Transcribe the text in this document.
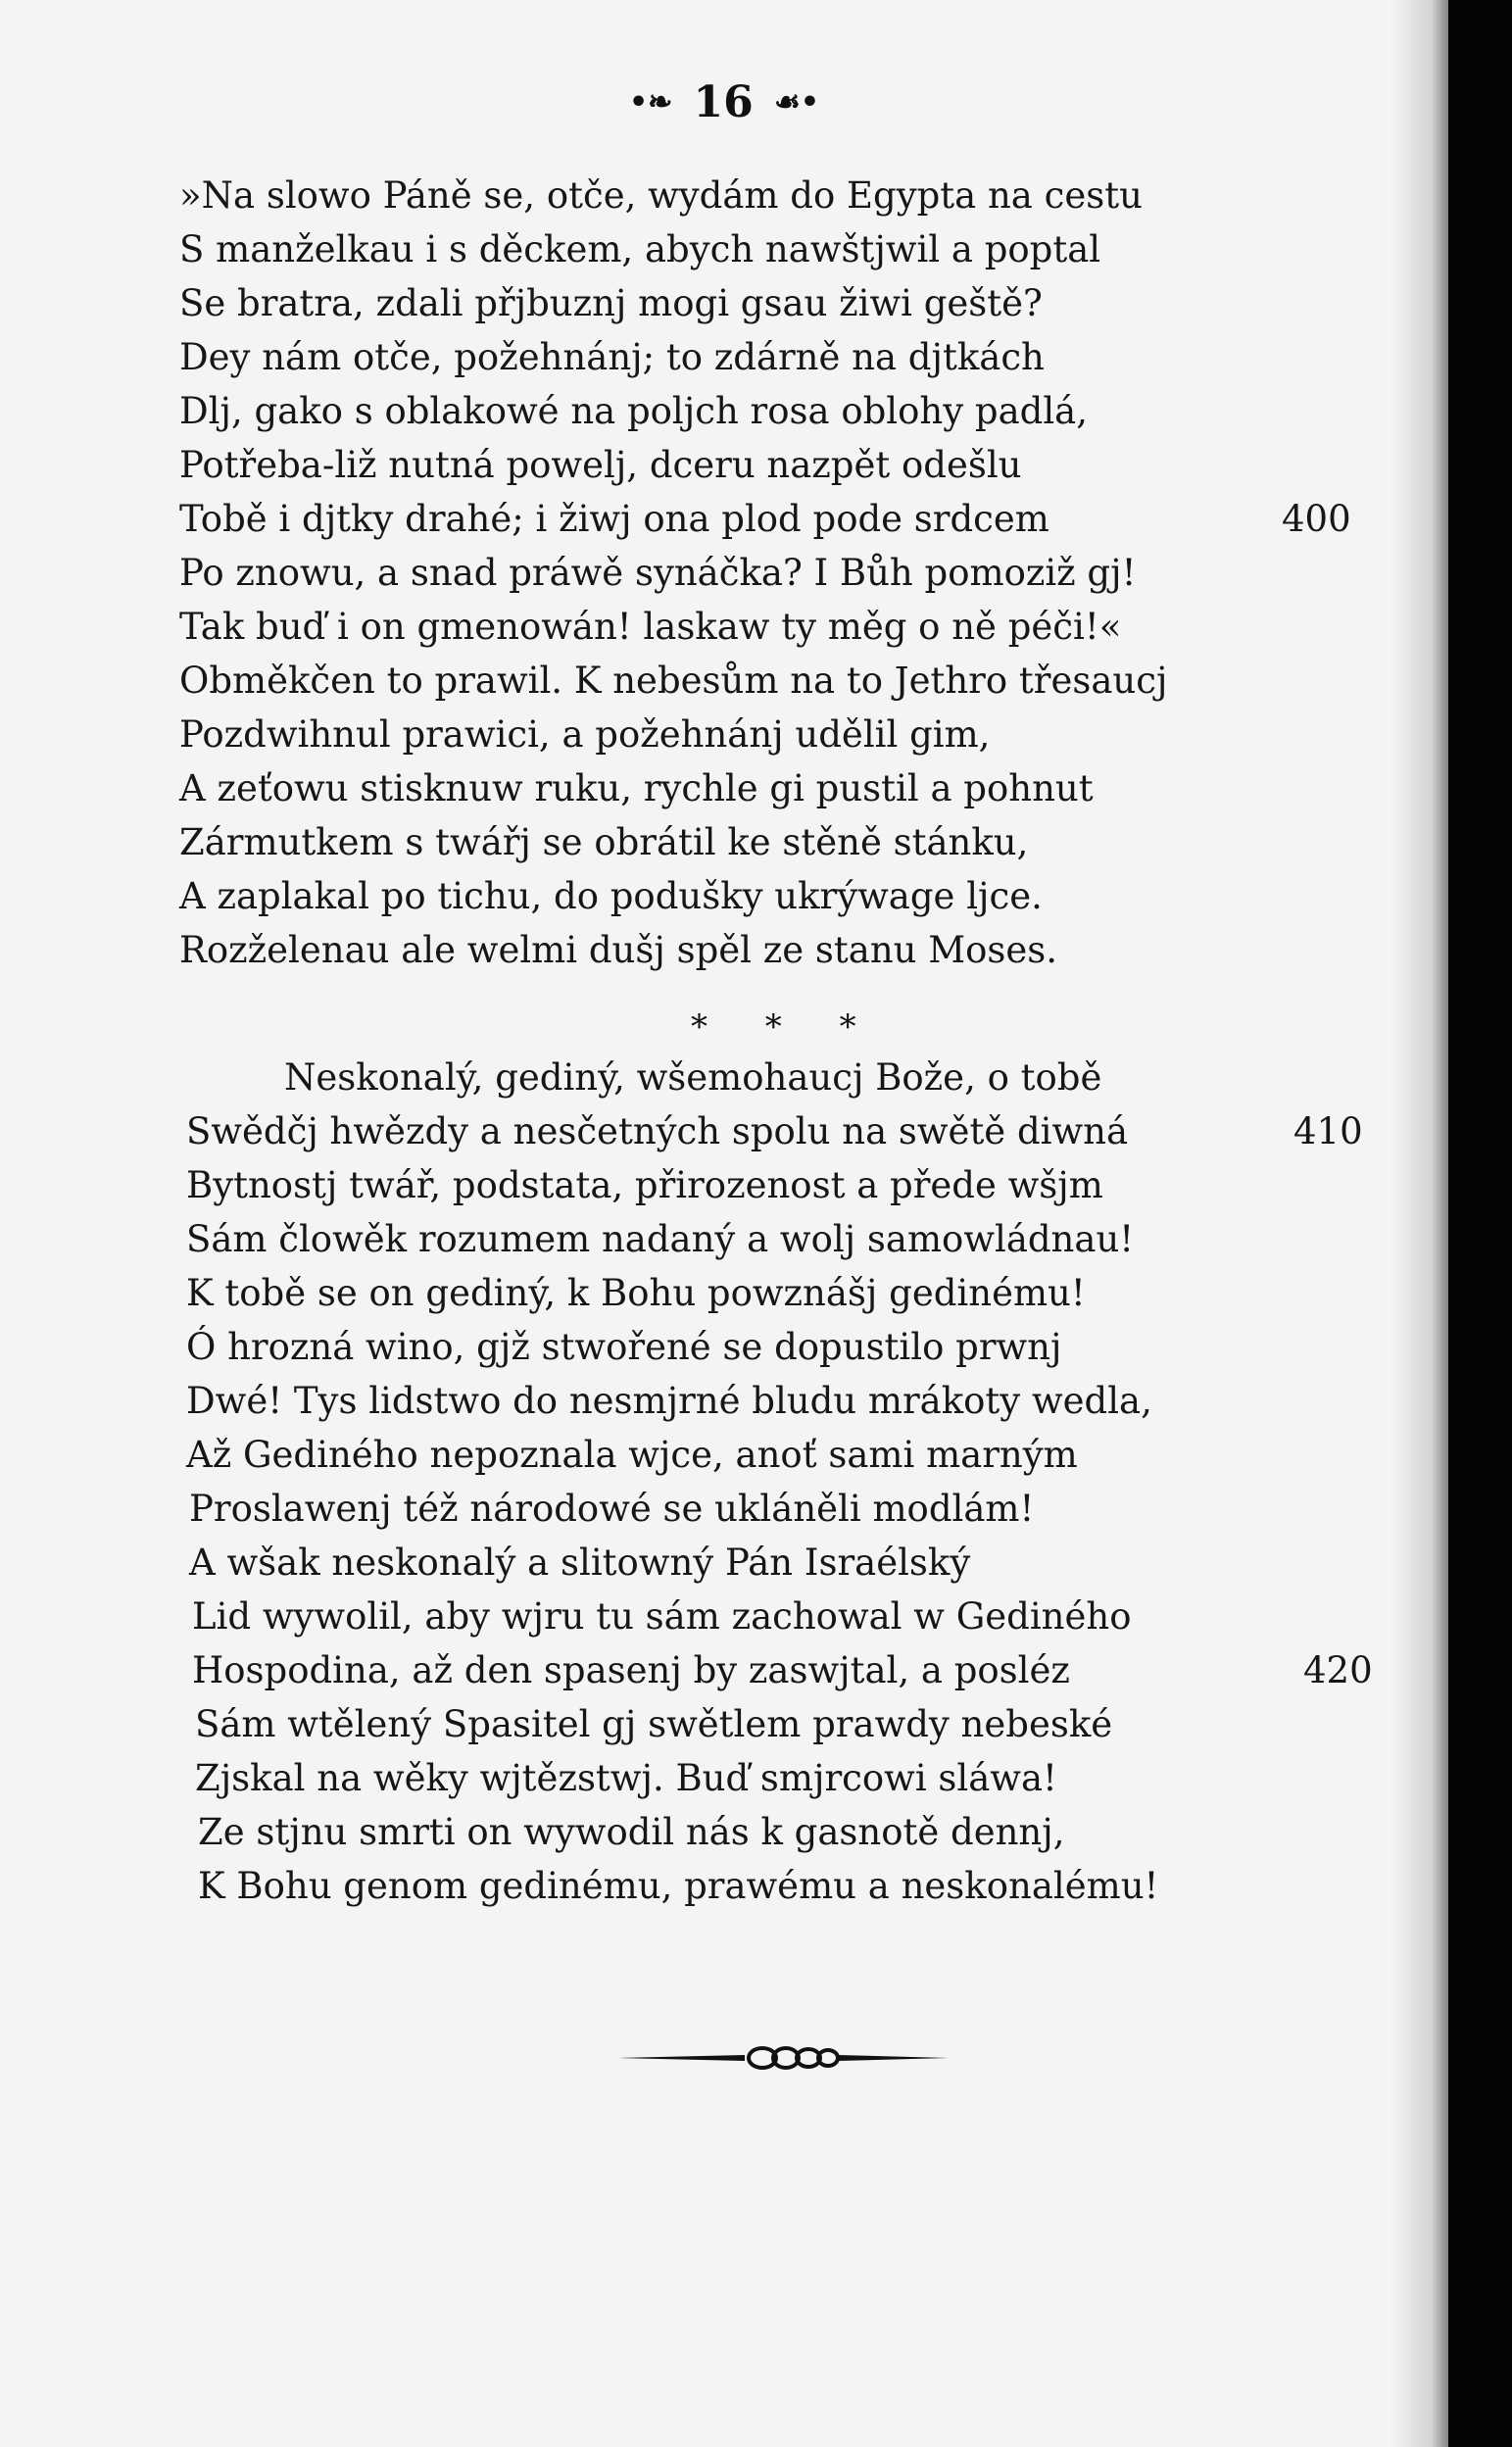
•❧ 16 ☙•
»Na slowo Páně se, otče, wydám do Egypta na cestu
S manželkau i s děckem, abych nawštjwil a poptal
Se bratra, zdali přjbuznj mogi gsau žiwi geště?
Dey nám otče, požehnánj; to zdárně na djtkách
Dlj, gako s oblakowé na poljch rosa oblohy padlá,
Potřeba-liž nutná powelj, dceru nazpět odešlu
Tobě i djtky drahé; i žiwj ona plod pode srdcem
Po znowu, a snad práwě synáčka? I Bůh pomoziž gj!
Tak buď i on gmenowán! laskaw ty měg o ně péči!«
Obměkčen to prawil. K nebesům na to Jethro třesaucj
Pozdwihnul prawici, a požehnánj udělil gim,
A zeťowu stisknuw ruku, rychle gi pustil a pohnut
Zármutkem s twářj se obrátil ke stěně stánku,
A zaplakal po tichu, do podušky ukrýwage ljce.
Rozželenau ale welmi dušj spěl ze stanu Moses.
400
* * *
Neskonalý, gediný, wšemohaucj Bože, o tobě
Swědčj hwězdy a nesčetných spolu na swětě diwná
Bytnostj twář, podstata, přirozenost a přede wšjm
Sám člowěk rozumem nadaný a wolj samowládnau!
K tobě se on gediný, k Bohu powznášj gedinému!
Ó hrozná wino, gjž stwořené se dopustilo prwnj
Dwé! Tys lidstwo do nesmjrné bludu mrákoty wedla,
Až Gediného nepoznala wjce, anoť sami marným
Proslawenj též národowé se ukláněli modlám!
A wšak neskonalý a slitowný Pán Israélský
Lid wywolil, aby wjru tu sám zachowal w Gediného
Hospodina, až den spasenj by zaswjtal, a posléz
Sám wtělený Spasitel gj swětlem prawdy nebeské
Zjskal na wěky wjtězstwj. Buď smjrcowi sláwa!
Ze stjnu smrti on wywodil nás k gasnotě dennj,
K Bohu genom gedinému, prawému a neskonalému!
410
420
